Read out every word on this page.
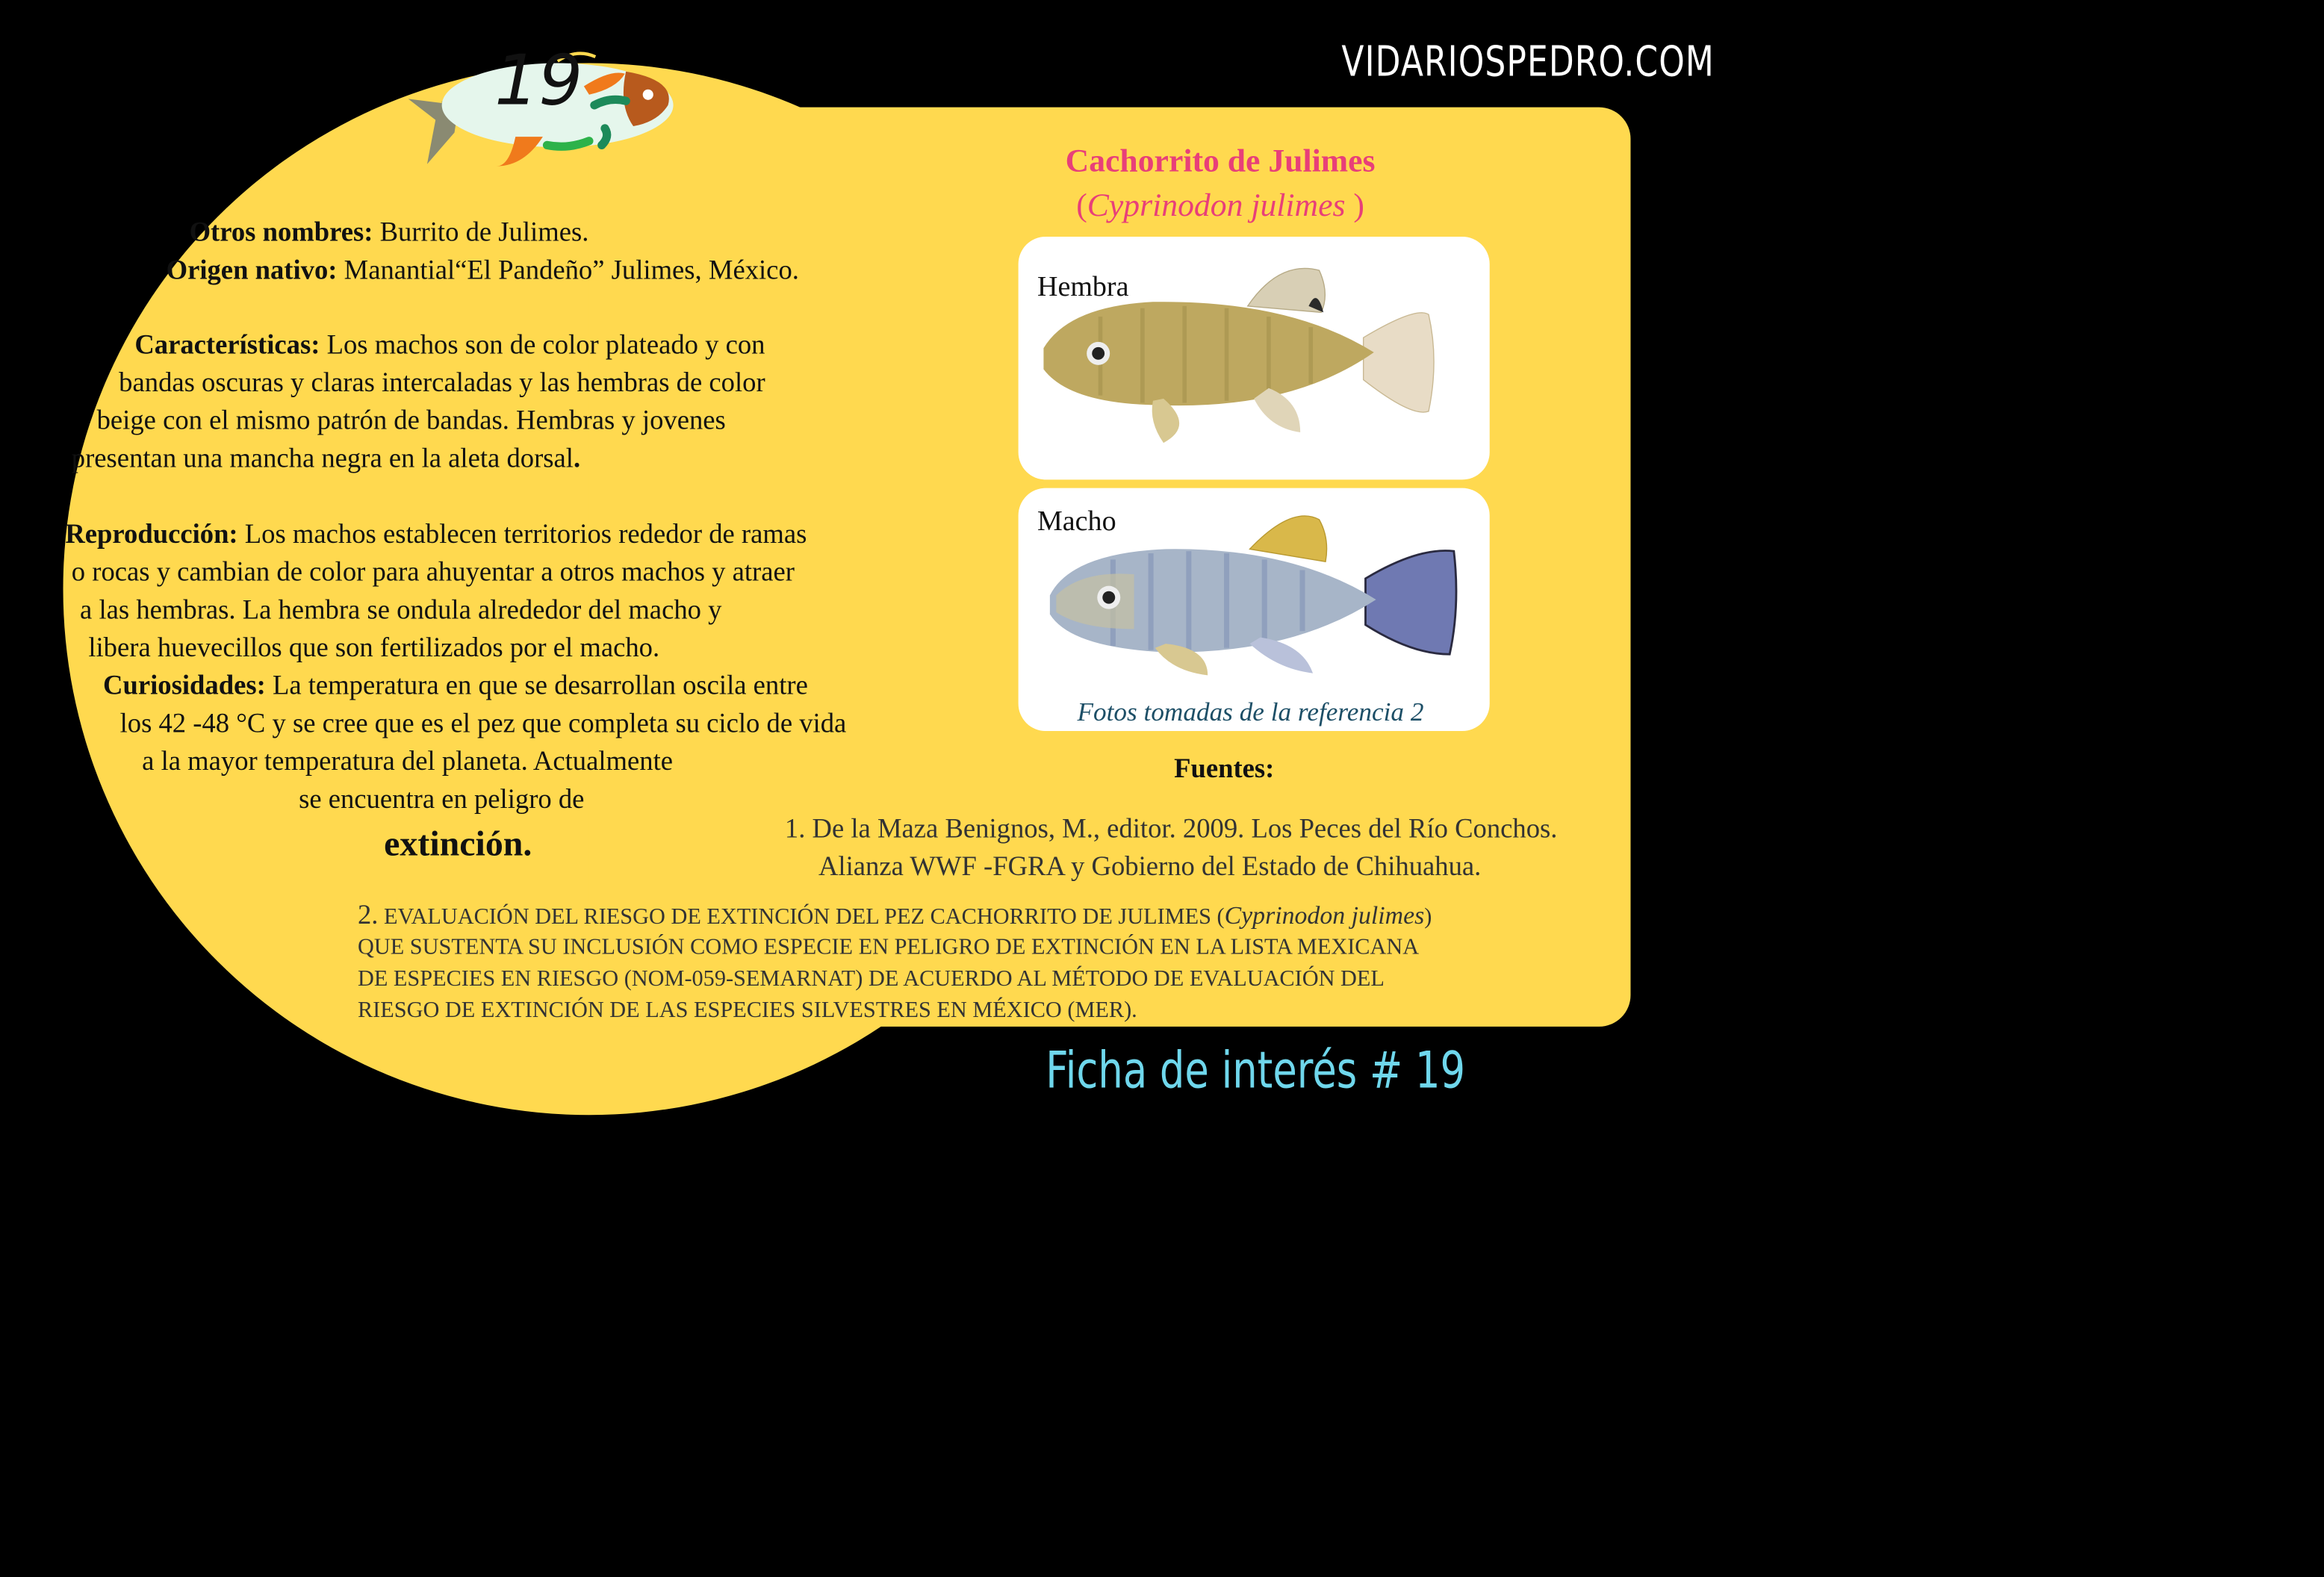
19	VIDARIOSPEDRO.COM
Cachorrito de Julimes
(Cyprinodon julimes )
Otros nombres: Burrito de Julimes.
Origen nativo: Manantial“El Pandeño” Julimes, México.
Características: Los machos son de color plateado y con
bandas oscuras y claras intercaladas y las hembras de color
beige con el mismo patrón de bandas. Hembras y jovenes
presentan una mancha negra en la aleta dorsal.
Reproducción: Los machos establecen territorios rededor de ramas
o rocas y cambian de color para ahuyentar a otros machos y atraer
a las hembras. La hembra se ondula alrededor del macho y
libera huevecillos que son fertilizados por el macho.
Curiosidades: La temperatura en que se desarrollan oscila entre
los 42 -48 °C y se cree que es el pez que completa su ciclo de vida
a la mayor temperatura del planeta. Actualmente
se encuentra en peligro de
extinción.
Hembra
Macho
Fotos tomadas de la referencia 2
Fuentes:
1. De la Maza Benignos, M., editor. 2009. Los Peces del Río Conchos.
Alianza WWF -FGRA y Gobierno del Estado de Chihuahua.
2. EVALUACIÓN DEL RIESGO DE EXTINCIÓN DEL PEZ CACHORRITO DE JULIMES (Cyprinodon julimes)
QUE SUSTENTA SU INCLUSIÓN COMO ESPECIE EN PELIGRO DE EXTINCIÓN EN LA LISTA MEXICANA
DE ESPECIES EN RIESGO (NOM-059-SEMARNAT) DE ACUERDO AL MÉTODO DE EVALUACIÓN DEL
RIESGO DE EXTINCIÓN DE LAS ESPECIES SILVESTRES EN MÉXICO (MER).
Ficha de interés # 19
